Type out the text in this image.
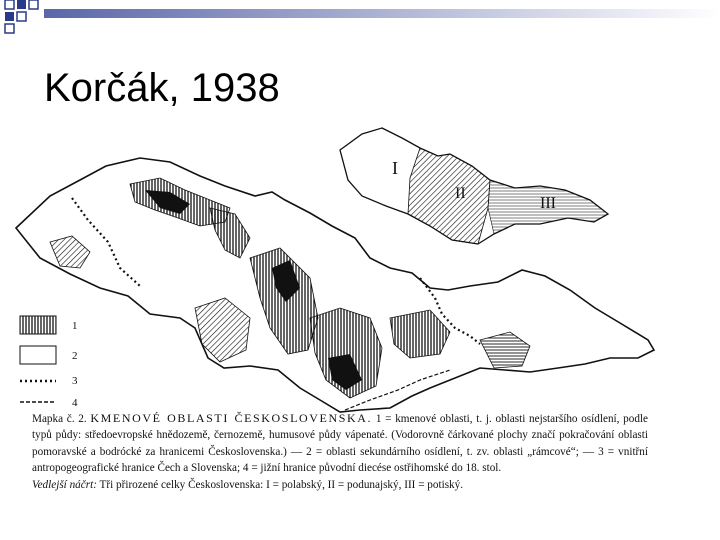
Korčák, 1938
I
II
III
1
2
3
4

Mapka č. 2. KMENOVÉ OBLASTI ČESKOSLOVENSKA. 1 = kmenové oblasti, t. j. oblasti nejstaršího osídlení, podle typů půdy: středoevropské hnědozemě, černozemě, humusové půdy vápenaté. (Vodorovně čárkované plochy značí pokračování oblasti pomoravské a bodrócké za hranicemi Československa.) — 2 = oblasti sekundárního osídlení, t. zv. oblasti „rámcové“; — 3 = vnitřní antropogeografické hranice Čech a Slovenska; 4 = jižní hranice původní diecése ostřihomské do 18. stol.

Vedlejší náčrt: Tři přirozené celky Československa: I = polabský, II = podunajský, III = potiský.
